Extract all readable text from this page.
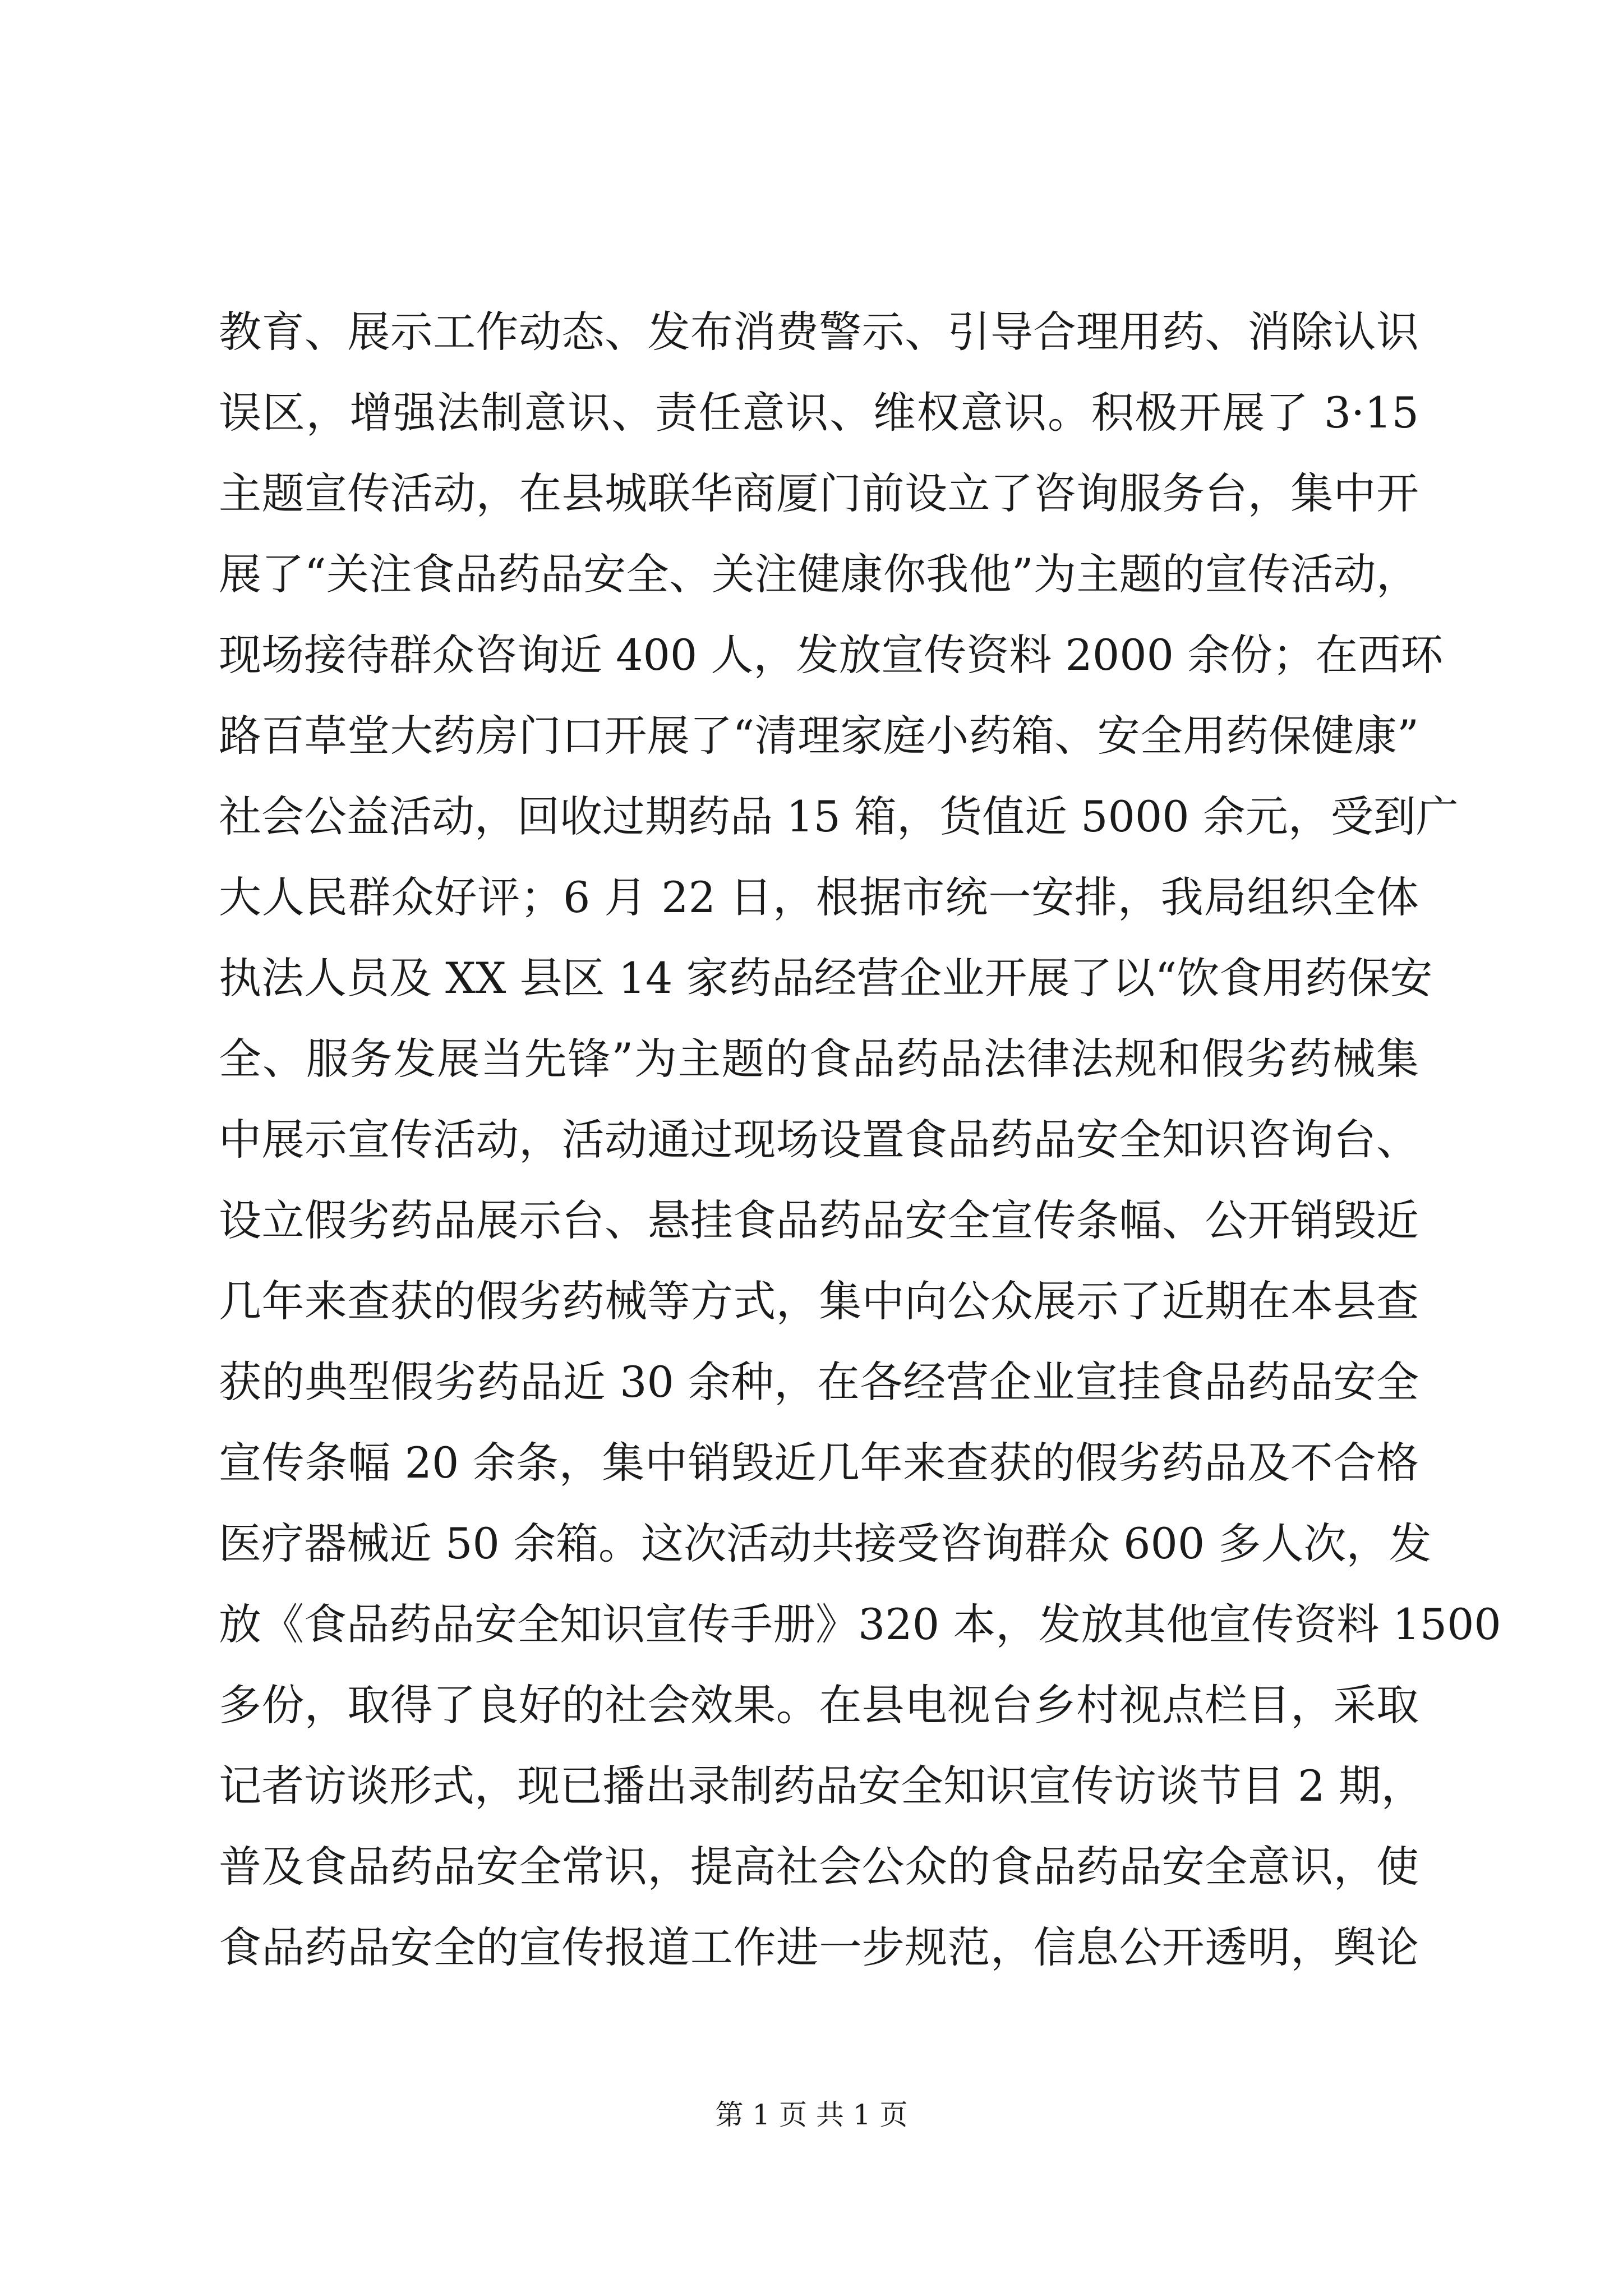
教育、展示工作动态、发布消费警示、引导合理用药、消除认识
误区，增强法制意识、责任意识、维权意识。积极开展了 3·15
主题宣传活动，在县城联华商厦门前设立了咨询服务台，集中开
展了“关注食品药品安全、关注健康你我他”为主题的宣传活动，
现场接待群众咨询近 400 人，发放宣传资料 2000 余份；在西环
路百草堂大药房门口开展了“清理家庭小药箱、安全用药保健康”
社会公益活动，回收过期药品 15 箱，货值近 5000 余元，受到广
大人民群众好评；6 月 22 日，根据市统一安排，我局组织全体
执法人员及 XX 县区 14 家药品经营企业开展了以“饮食用药保安
全、服务发展当先锋”为主题的食品药品法律法规和假劣药械集
中展示宣传活动，活动通过现场设置食品药品安全知识咨询台、
设立假劣药品展示台、悬挂食品药品安全宣传条幅、公开销毁近
几年来查获的假劣药械等方式，集中向公众展示了近期在本县查
获的典型假劣药品近 30 余种，在各经营企业宣挂食品药品安全
宣传条幅 20 余条，集中销毁近几年来查获的假劣药品及不合格
医疗器械近 50 余箱。这次活动共接受咨询群众 600 多人次，发
放《食品药品安全知识宣传手册》320 本，发放其他宣传资料 1500
多份，取得了良好的社会效果。在县电视台乡村视点栏目，采取
记者访谈形式，现已播出录制药品安全知识宣传访谈节目 2 期，
普及食品药品安全常识，提高社会公众的食品药品安全意识，使
食品药品安全的宣传报道工作进一步规范，信息公开透明，舆论
第 1 页 共 1 页
